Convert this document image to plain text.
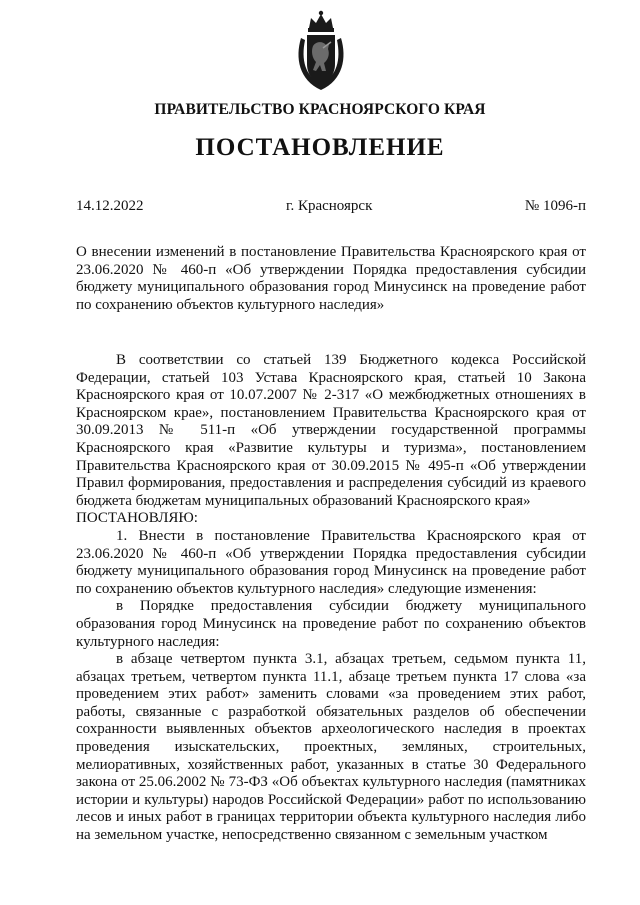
ПРАВИТЕЛЬСТВО КРАСНОЯРСКОГО КРАЯ
ПОСТАНОВЛЕНИЕ
14.12.2022	г. Красноярск	№ 1096-п
О внесении изменений в постановление Правительства Красноярского края от 23.06.2020 № 460-п «Об утверждении Порядка предоставления субсидии бюджету муниципального образования город Минусинск на проведение работ по сохранению объектов культурного наследия»

В соответствии со статьей 139 Бюджетного кодекса Российской Федерации, статьей 103 Устава Красноярского края, статьей 10 Закона Красноярского края от 10.07.2007 № 2-317 «О межбюджетных отношениях в Красноярском крае», постановлением Правительства Красноярского края от 30.09.2013 № 511-п «Об утверждении государственной программы Красноярского края «Развитие культуры и туризма», постановлением Правительства Красноярского края от 30.09.2015 № 495-п «Об утверждении Правил формирования, предоставления и распределения субсидий из краевого бюджета бюджетам муниципальных образований Красноярского края»

ПОСТАНОВЛЯЮ:

1. Внести в постановление Правительства Красноярского края от 23.06.2020 № 460-п «Об утверждении Порядка предоставления субсидии бюджету муниципального образования город Минусинск на проведение работ по сохранению объектов культурного наследия» следующие изменения:

в Порядке предоставления субсидии бюджету муниципального образования город Минусинск на проведение работ по сохранению объектов культурного наследия:

в абзаце четвертом пункта 3.1, абзацах третьем, седьмом пункта 11, абзацах третьем, четвертом пункта 11.1, абзаце третьем пункта 17 слова «за проведением этих работ» заменить словами «за проведением этих работ, работы, связанные с разработкой обязательных разделов об обеспечении сохранности выявленных объектов археологического наследия в проектах проведения изыскательских, проектных, земляных, строительных, мелиоративных, хозяйственных работ, указанных в статье 30 Федерального закона от 25.06.2002 № 73-ФЗ «Об объектах культурного наследия (памятниках истории и культуры) народов Российской Федерации» работ по использованию лесов и иных работ в границах территории объекта культурного наследия либо на земельном участке, непосредственно связанном с земельным участком
